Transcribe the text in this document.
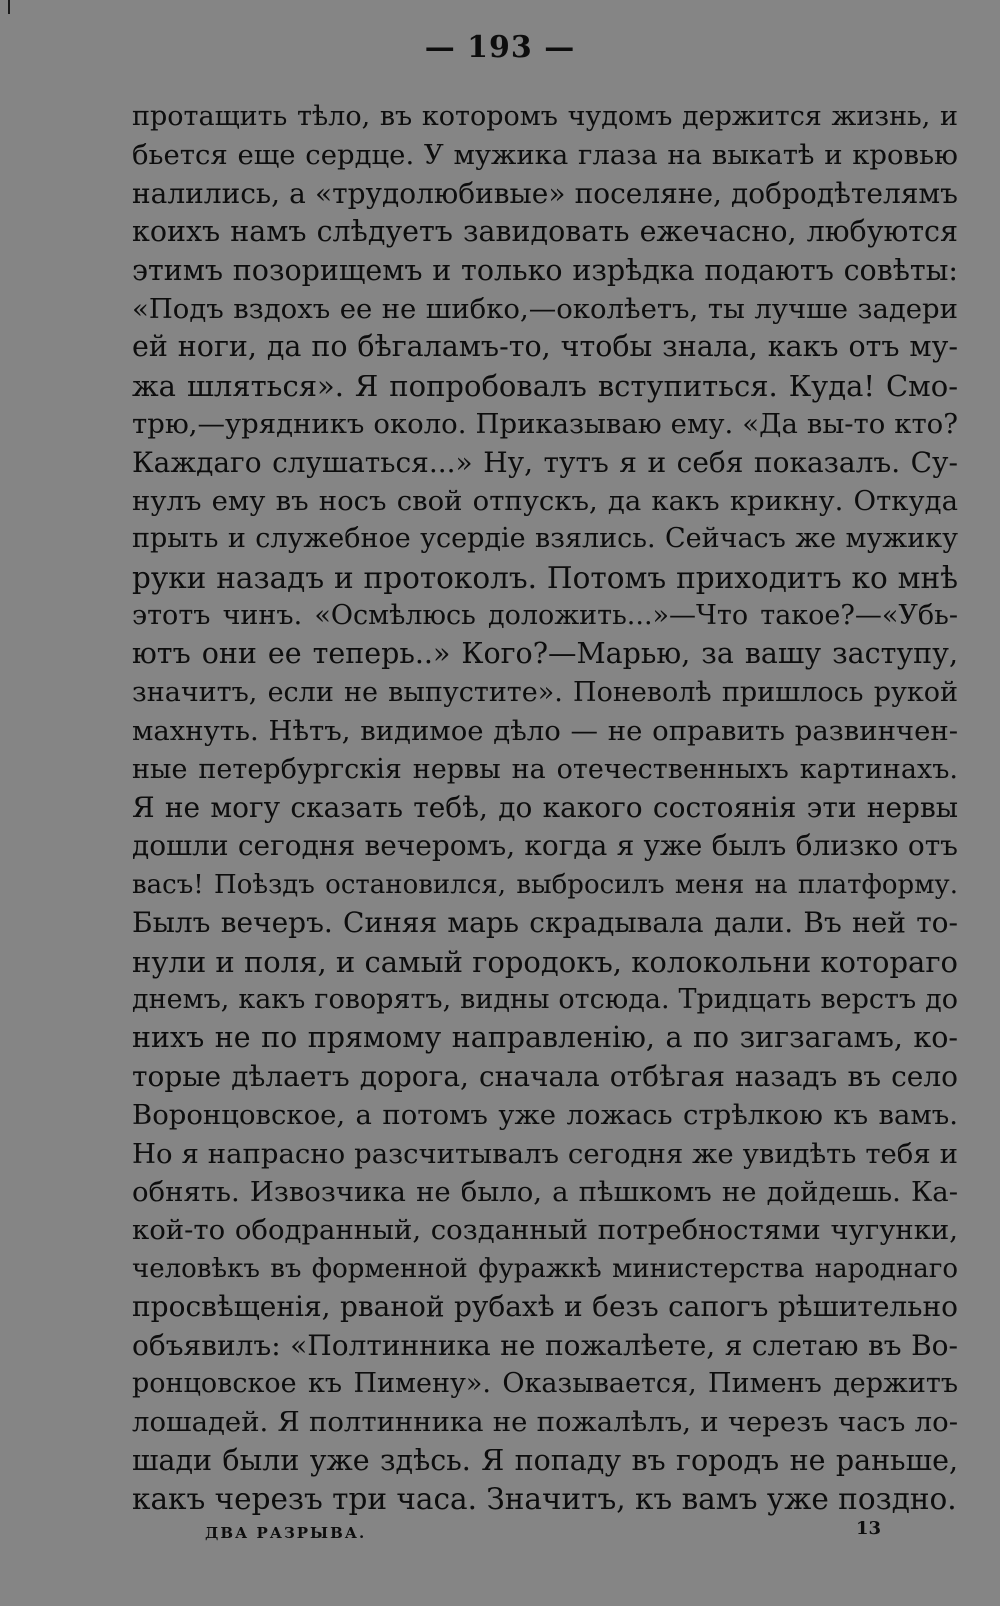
— 193 —
протащить тѣло, въ которомъ чудомъ держится жизнь, и
бьется еще сердце. У мужика глаза на выкатѣ и кровью
налились, а «трудолюбивые» поселяне, добродѣтелямъ
коихъ намъ слѣдуетъ завидовать ежечасно, любуются
этимъ позорищемъ и только изрѣдка подаютъ совѣты:
«Подъ вздохъ ее не шибко,—околѣетъ, ты лучше задери
ей ноги, да по бѣгаламъ-то, чтобы знала, какъ отъ му-
жа шляться». Я попробовалъ вступиться. Куда! Смо-
трю,—урядникъ около. Приказываю ему. «Да вы-то кто?
Каждаго слушаться...» Ну, тутъ я и себя показалъ. Су-
нулъ ему въ носъ свой отпускъ, да какъ крикну. Откуда
прыть и служебное усердіе взялись. Сейчасъ же мужику
руки назадъ и протоколъ. Потомъ приходитъ ко мнѣ
этотъ чинъ. «Осмѣлюсь доложить...»—Что такое?—«Убь-
ютъ они ее теперь..» Кого?—Марью, за вашу заступу,
значитъ, если не выпустите». Поневолѣ пришлось рукой
махнуть. Нѣтъ, видимое дѣло — не оправить развинчен-
ные петербургскія нервы на отечественныхъ картинахъ.
Я не могу сказать тебѣ, до какого состоянія эти нервы
дошли сегодня вечеромъ, когда я уже былъ близко отъ
васъ! Поѣздъ остановился, выбросилъ меня на платформу.
Былъ вечеръ. Синяя марь скрадывала дали. Въ ней то-
нули и поля, и самый городокъ, колокольни котораго
днемъ, какъ говорятъ, видны отсюда. Тридцать верстъ до
нихъ не по прямому направленію, а по зигзагамъ, ко-
торые дѣлаетъ дорога, сначала отбѣгая назадъ въ село
Воронцовское, а потомъ уже ложась стрѣлкою къ вамъ.
Но я напрасно разсчитывалъ сегодня же увидѣть тебя и
обнять. Извозчика не было, а пѣшкомъ не дойдешь. Ка-
кой-то ободранный, созданный потребностями чугунки,
человѣкъ въ форменной фуражкѣ министерства народнаго
просвѣщенія, рваной рубахѣ и безъ сапогъ рѣшительно
объявилъ: «Полтинника не пожалѣете, я слетаю въ Во-
ронцовское къ Пимену». Оказывается, Пименъ держитъ
лошадей. Я полтинника не пожалѣлъ, и черезъ часъ ло-
шади были уже здѣсь. Я попаду въ городъ не раньше,
какъ черезъ три часа. Значитъ, къ вамъ уже поздно.
ДВА РАЗРЫВА.	13
